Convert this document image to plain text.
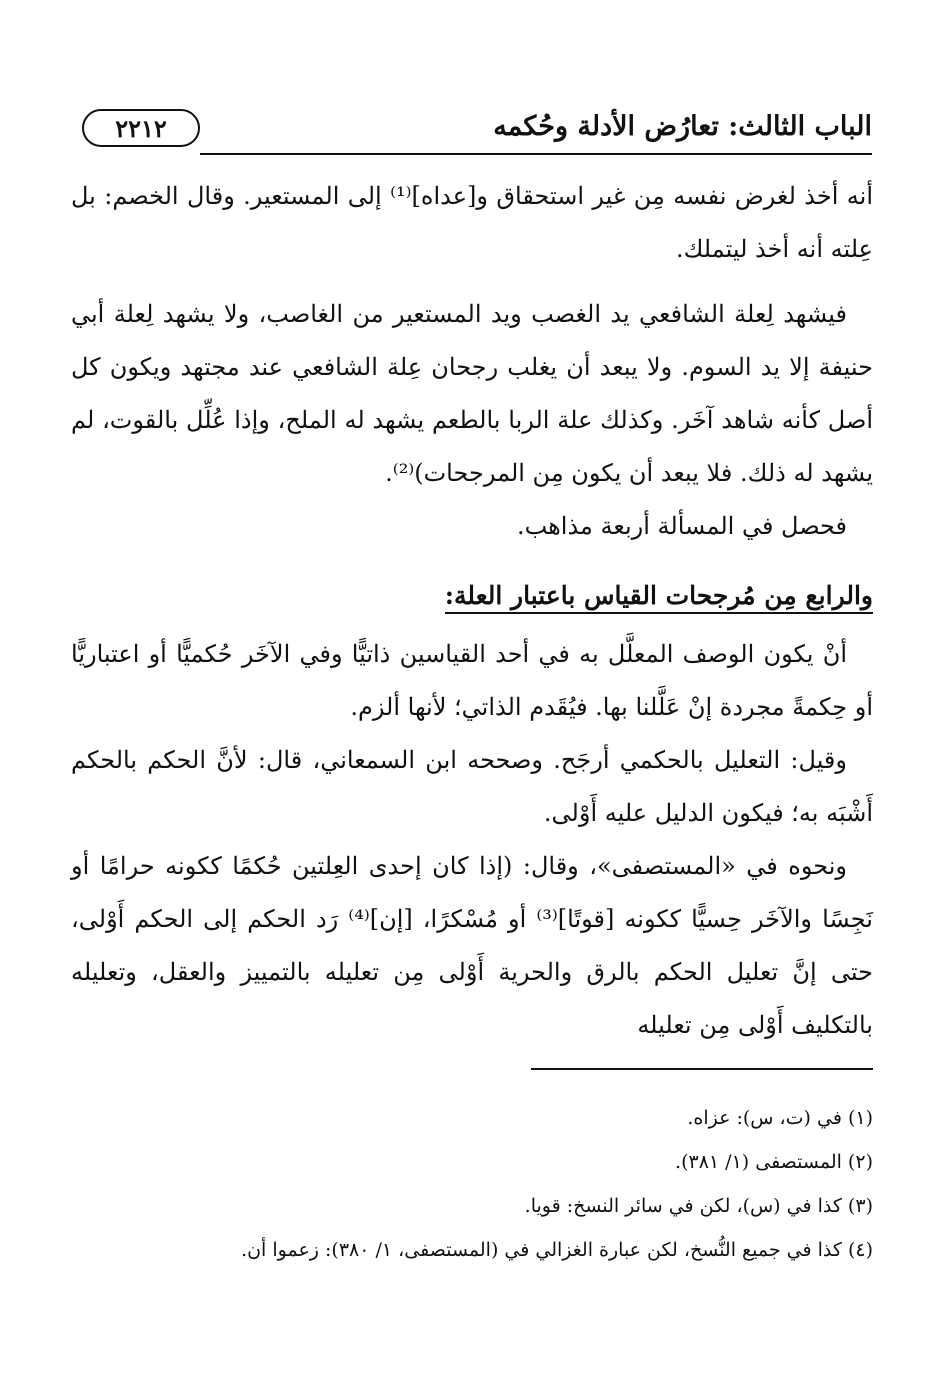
الباب الثالث: تعارُض الأدلة وحُكمه
٢٢١٢

أنه أخذ لغرض نفسه مِن غير استحقاق و[عداه]⁽¹⁾ إلى المستعير. وقال الخصم: بل عِلته أنه أخذ ليتملك.

فيشهد لِعلة الشافعي يد الغصب ويد المستعير من الغاصب، ولا يشهد لِعلة أبي حنيفة إلا يد السوم. ولا يبعد أن يغلب رجحان عِلة الشافعي عند مجتهد ويكون كل أصل كأنه شاهد آخَر. وكذلك علة الربا بالطعم يشهد له الملح، وإذا عُلِّل بالقوت، لم يشهد له ذلك. فلا يبعد أن يكون مِن المرجحات)⁽²⁾.

فحصل في المسألة أربعة مذاهب.

والرابع مِن مُرجحات القياس باعتبار العلة:

أنْ يكون الوصف المعلَّل به في أحد القياسين ذاتيًّا وفي الآخَر حُكميًّا أو اعتباريًّا أو حِكمةً مجردة إنْ عَلَّلنا بها. فيُقَدم الذاتي؛ لأنها ألزم.

وقيل: التعليل بالحكمي أرجَح. وصححه ابن السمعاني، قال: لأنَّ الحكم بالحكم أَشْبَه به؛ فيكون الدليل عليه أَوْلى.

ونحوه في «المستصفى»، وقال: (إذا كان إحدى العِلتين حُكمًا ككونه حرامًا أو نَجِسًا والآخَر حِسيًّا ككونه [قوتًا]⁽³⁾ أو مُسْكرًا، [إن]⁽⁴⁾ رَد الحكم إلى الحكم أَوْلى، حتى إنَّ تعليل الحكم بالرق والحرية أَوْلى مِن تعليله بالتمييز والعقل، وتعليله بالتكليف أَوْلى مِن تعليله

(١) في (ت، س): عزاه.

(٢) المستصفى (١/ ٣٨١).

(٣) كذا في (س)، لكن في سائر النسخ: قويا.

(٤) كذا في جميع النُّسخ، لكن عبارة الغزالي في (المستصفى، ١/ ٣٨٠): زعموا أن.
